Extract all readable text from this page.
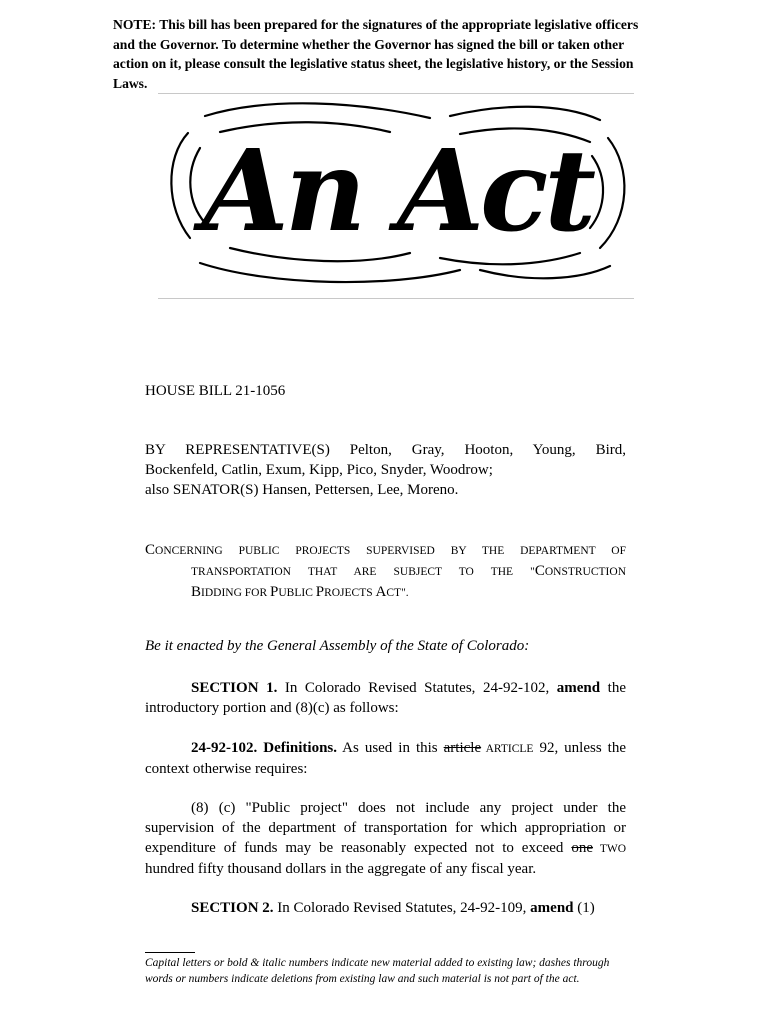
NOTE: This bill has been prepared for the signatures of the appropriate legislative officers and the Governor. To determine whether the Governor has signed the bill or taken other action on it, please consult the legislative status sheet, the legislative history, or the Session Laws.
An Act
HOUSE BILL 21-1056
BY REPRESENTATIVE(S) Pelton, Gray, Hooton, Young, Bird,
Bockenfeld, Catlin, Exum, Kipp, Pico, Snyder, Woodrow;
also SENATOR(S) Hansen, Pettersen, Lee, Moreno.
CONCERNING PUBLIC PROJECTS SUPERVISED BY THE DEPARTMENT OF
TRANSPORTATION THAT ARE SUBJECT TO THE "CONSTRUCTION
BIDDING FOR PUBLIC PROJECTS ACT".
Be it enacted by the General Assembly of the State of Colorado:
SECTION 1. In Colorado Revised Statutes, 24-92-102, amend the introductory portion and (8)(c) as follows:
24-92-102. Definitions. As used in this article ARTICLE 92, unless the context otherwise requires:
(8) (c) "Public project" does not include any project under the supervision of the department of transportation for which appropriation or expenditure of funds may be reasonably expected not to exceed one TWO hundred fifty thousand dollars in the aggregate of any fiscal year.
SECTION 2. In Colorado Revised Statutes, 24-92-109, amend (1)
Capital letters or bold & italic numbers indicate new material added to existing law; dashes through words or numbers indicate deletions from existing law and such material is not part of the act.
